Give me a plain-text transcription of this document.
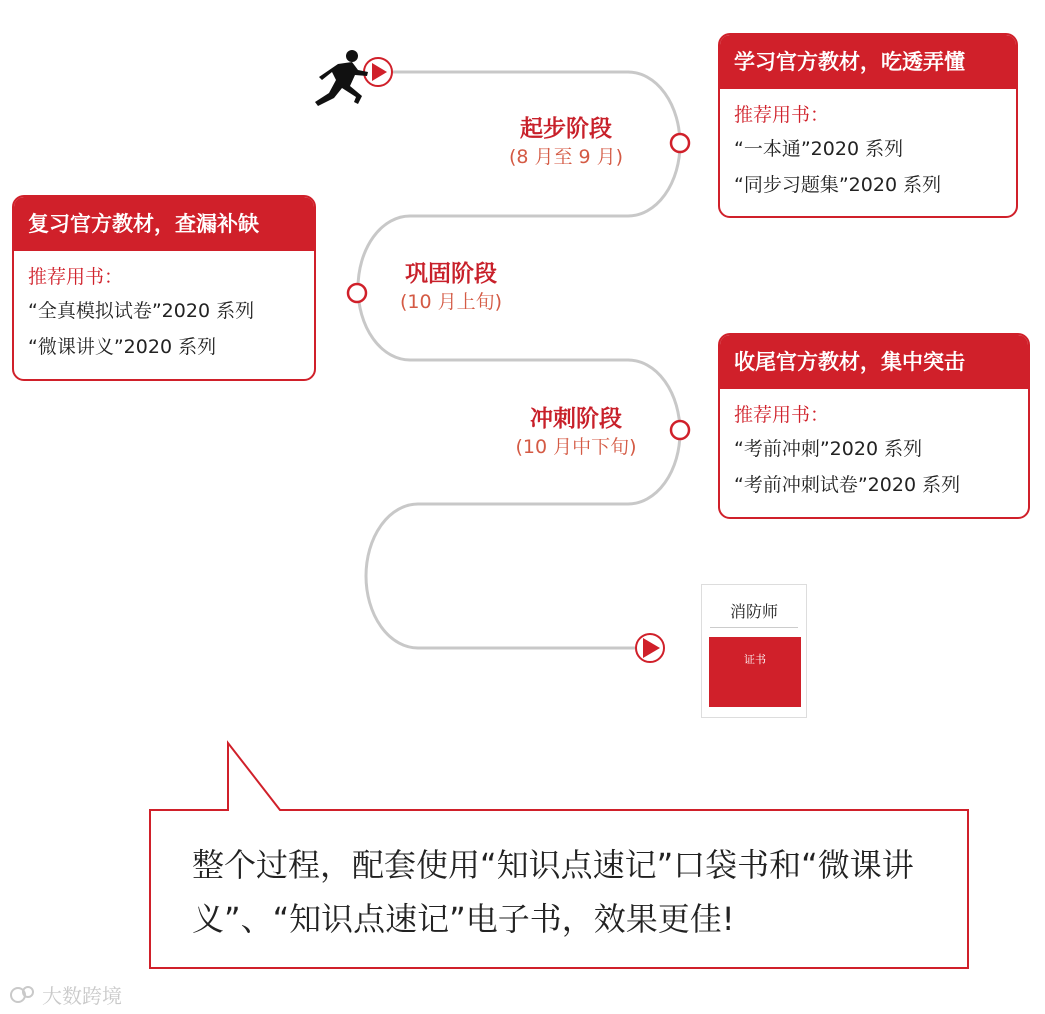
学习官方教材，吃透弄懂
推荐用书：
“一本通”2020 系列
“同步习题集”2020 系列
复习官方教材，查漏补缺
推荐用书：
“全真模拟试卷”2020 系列
“微课讲义”2020 系列
收尾官方教材，集中突击
推荐用书：
“考前冲刺”2020 系列
“考前冲刺试卷”2020 系列
起步阶段
(8 月至 9 月)
巩固阶段
(10 月上旬)
冲刺阶段
(10 月中下旬)
消防师
证书
整个过程，配套使用“知识点速记”口袋书和“微课讲义”、“知识点速记”电子书，效果更佳!
大数跨境
